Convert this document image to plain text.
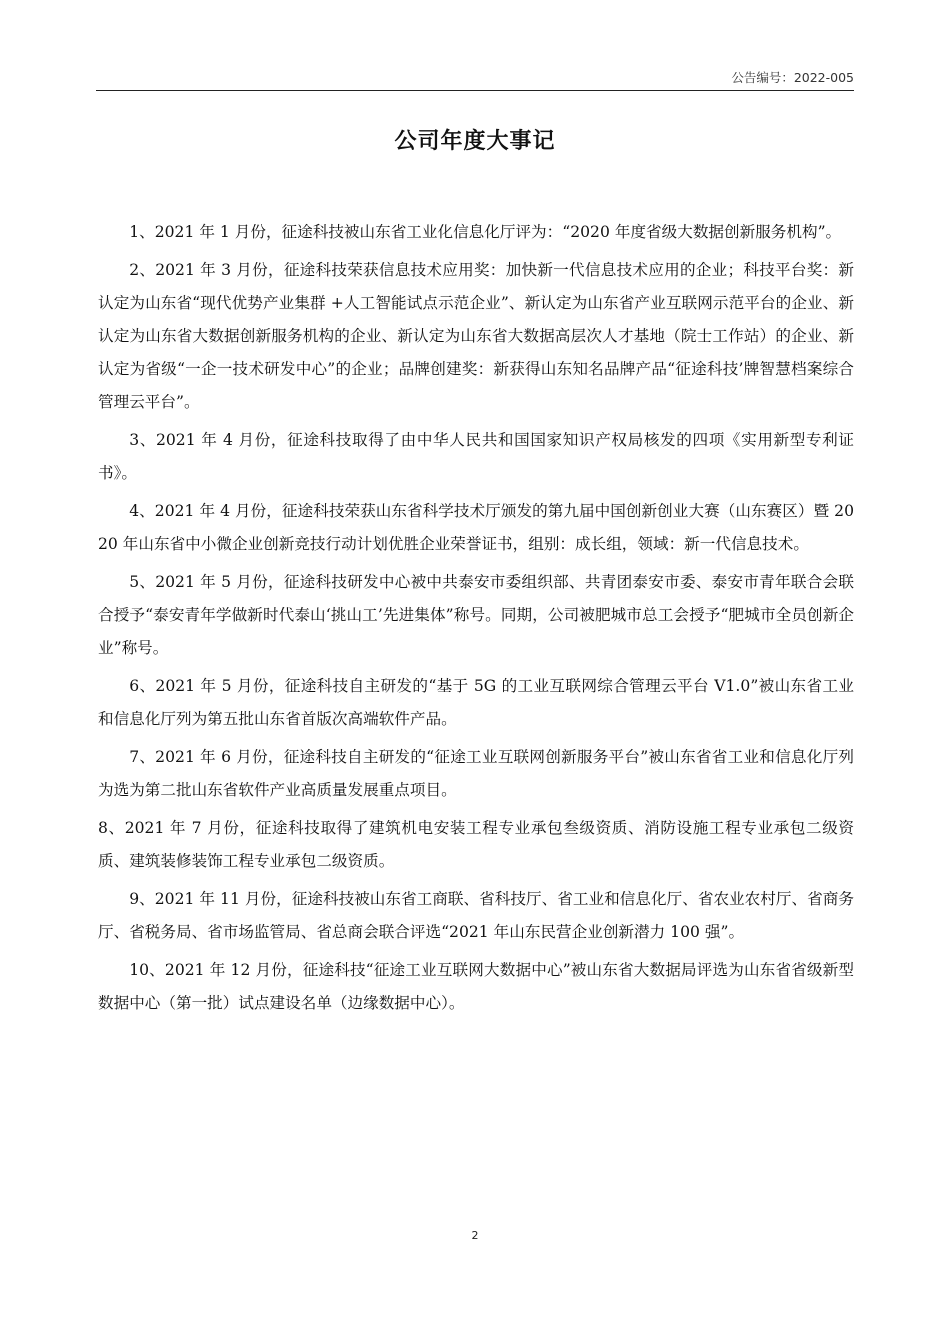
公告编号：2022-005
公司年度大事记
1、2021 年 1 月份，征途科技被山东省工业化信息化厅评为：“2020 年度省级大数据创新服务机构”。
2、2021 年 3 月份，征途科技荣获信息技术应用奖：加快新一代信息技术应用的企业；科技平台奖：新认定为山东省“现代优势产业集群 +人工智能试点示范企业”、新认定为山东省产业互联网示范平台的企业、新认定为山东省大数据创新服务机构的企业、新认定为山东省大数据高层次人才基地（院士工作站）的企业、新认定为省级“一企一技术研发中心”的企业；品牌创建奖：新获得山东知名品牌产品“征途科技’牌智慧档案综合管理云平台”。
3、2021 年 4 月份，征途科技取得了由中华人民共和国国家知识产权局核发的四项《实用新型专利证书》。
4、2021 年 4 月份，征途科技荣获山东省科学技术厅颁发的第九届中国创新创业大赛（山东赛区）暨 2020 年山东省中小微企业创新竞技行动计划优胜企业荣誉证书，组别：成长组，领域：新一代信息技术。
5、2021 年 5 月份，征途科技研发中心被中共泰安市委组织部、共青团泰安市委、泰安市青年联合会联合授予“泰安青年学做新时代泰山‘挑山工’先进集体”称号。同期，公司被肥城市总工会授予“肥城市全员创新企业”称号。
6、2021 年 5 月份，征途科技自主研发的“基于 5G 的工业互联网综合管理云平台 V1.0”被山东省工业和信息化厅列为第五批山东省首版次高端软件产品。
7、2021 年 6 月份，征途科技自主研发的“征途工业互联网创新服务平台”被山东省省工业和信息化厅列为选为第二批山东省软件产业高质量发展重点项目。
8、2021 年 7 月份，征途科技取得了建筑机电安装工程专业承包叁级资质、消防设施工程专业承包二级资质、建筑装修装饰工程专业承包二级资质。
9、2021 年 11 月份，征途科技被山东省工商联、省科技厅、省工业和信息化厅、省农业农村厅、省商务厅、省税务局、省市场监管局、省总商会联合评选“2021 年山东民营企业创新潜力 100 强”。
10、2021 年 12 月份，征途科技“征途工业互联网大数据中心”被山东省大数据局评选为山东省省级新型数据中心（第一批）试点建设名单（边缘数据中心）。
2
